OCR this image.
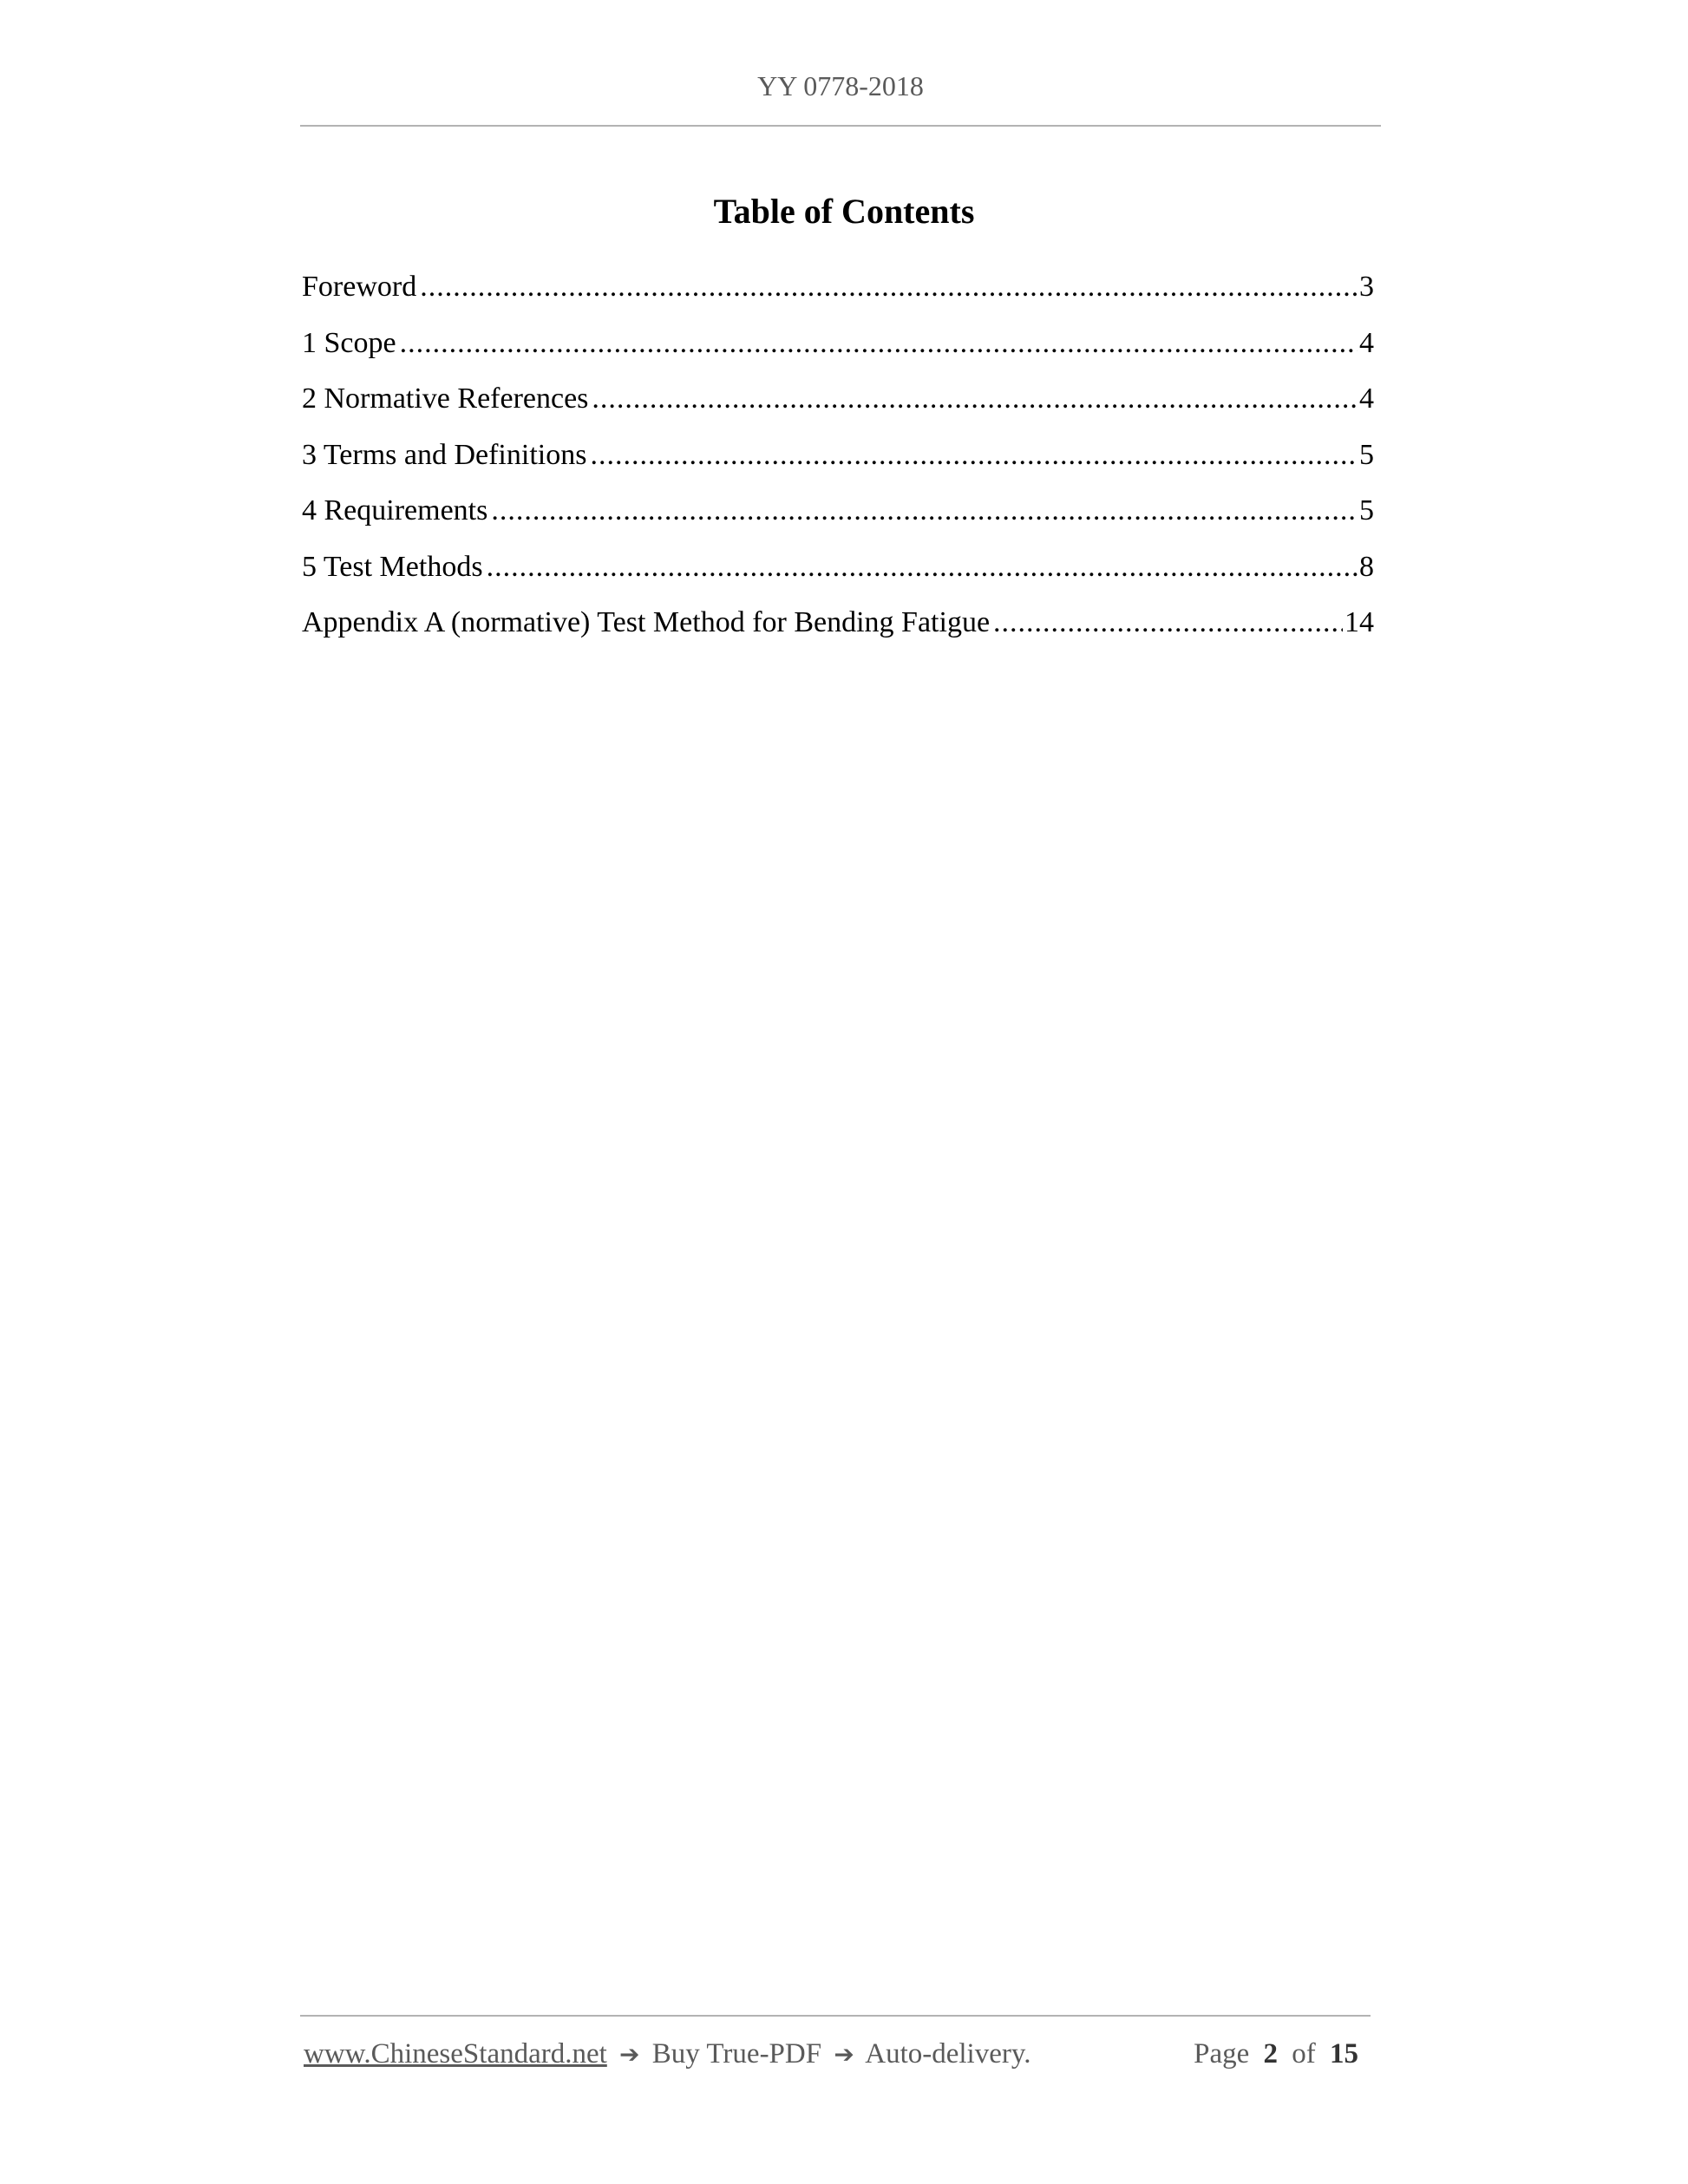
YY 0778-2018
Table of Contents
Foreword .....	3
1 Scope .....	4
2 Normative References .....	4
3 Terms and Definitions .....	5
4 Requirements .....	5
5 Test Methods .....	8
Appendix A (normative) Test Method for Bending Fatigue .....	14
www.ChineseStandard.net ➔ Buy True-PDF ➔ Auto-delivery.	Page 2 of 15
